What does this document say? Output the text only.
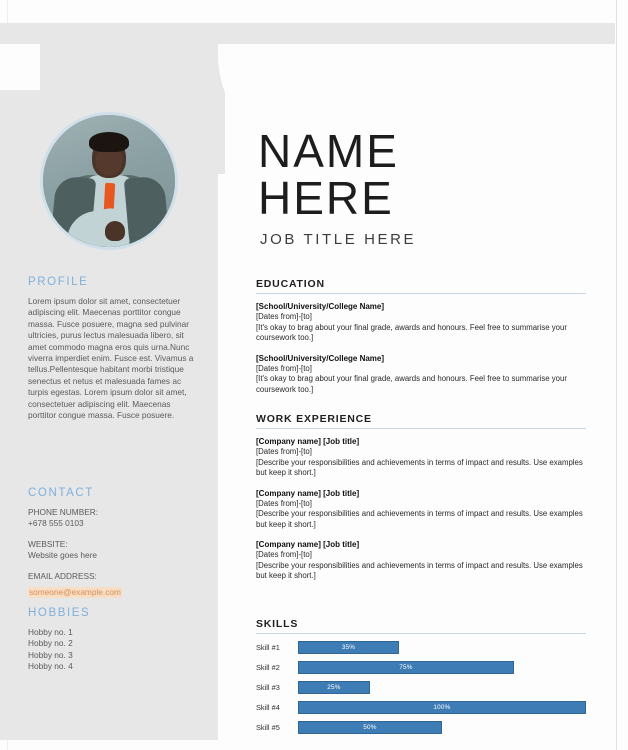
PROFILE

Lorem ipsum dolor sit amet, consectetuer adipiscing elit. Maecenas porttitor congue massa. Fusce posuere, magna sed pulvinar ultricies, purus lectus malesuada libero, sit amet commodo magna eros quis urna.Nunc viverra imperdiet enim. Fusce est. Vivamus a tellus.Pellentesque habitant morbi tristique senectus et netus et malesuada fames ac turpis egestas. Lorem ipsum dolor sit amet, consectetuer adipiscing elit. Maecenas porttitor congue massa. Fusce posuere.

CONTACT

PHONE NUMBER:

+678 555 0103

WEBSITE:

Website goes here

EMAIL ADDRESS:

someone@example.com

HOBBIES

Hobby no. 1

Hobby no. 2

Hobby no. 3

Hobby no. 4

NAME

HERE

JOB TITLE HERE

EDUCATION

[School/University/College Name]

[Dates from]-[to]

[It's okay to brag about your final grade, awards and honours. Feel free to summarise your coursework too.]

[School/University/College Name]

[Dates from]-[to]

[It's okay to brag about your final grade, awards and honours. Feel free to summarise your coursework too.]

WORK EXPERIENCE

[Company name] [Job title]

[Dates from]-[to]

[Describe your responsibilities and achievements in terms of impact and results. Use examples but keep it short.]

[Company name] [Job title]

[Dates from]-[to]

[Describe your responsibilities and achievements in terms of impact and results. Use examples but keep it short.]

[Company name] [Job title]

[Dates from]-[to]

[Describe your responsibilities and achievements in terms of impact and results. Use examples but keep it short.]

SKILLS

Skill #1	35%
Skill #2	75%
Skill #3	25%
Skill #4	100%
Skill #5	50%
